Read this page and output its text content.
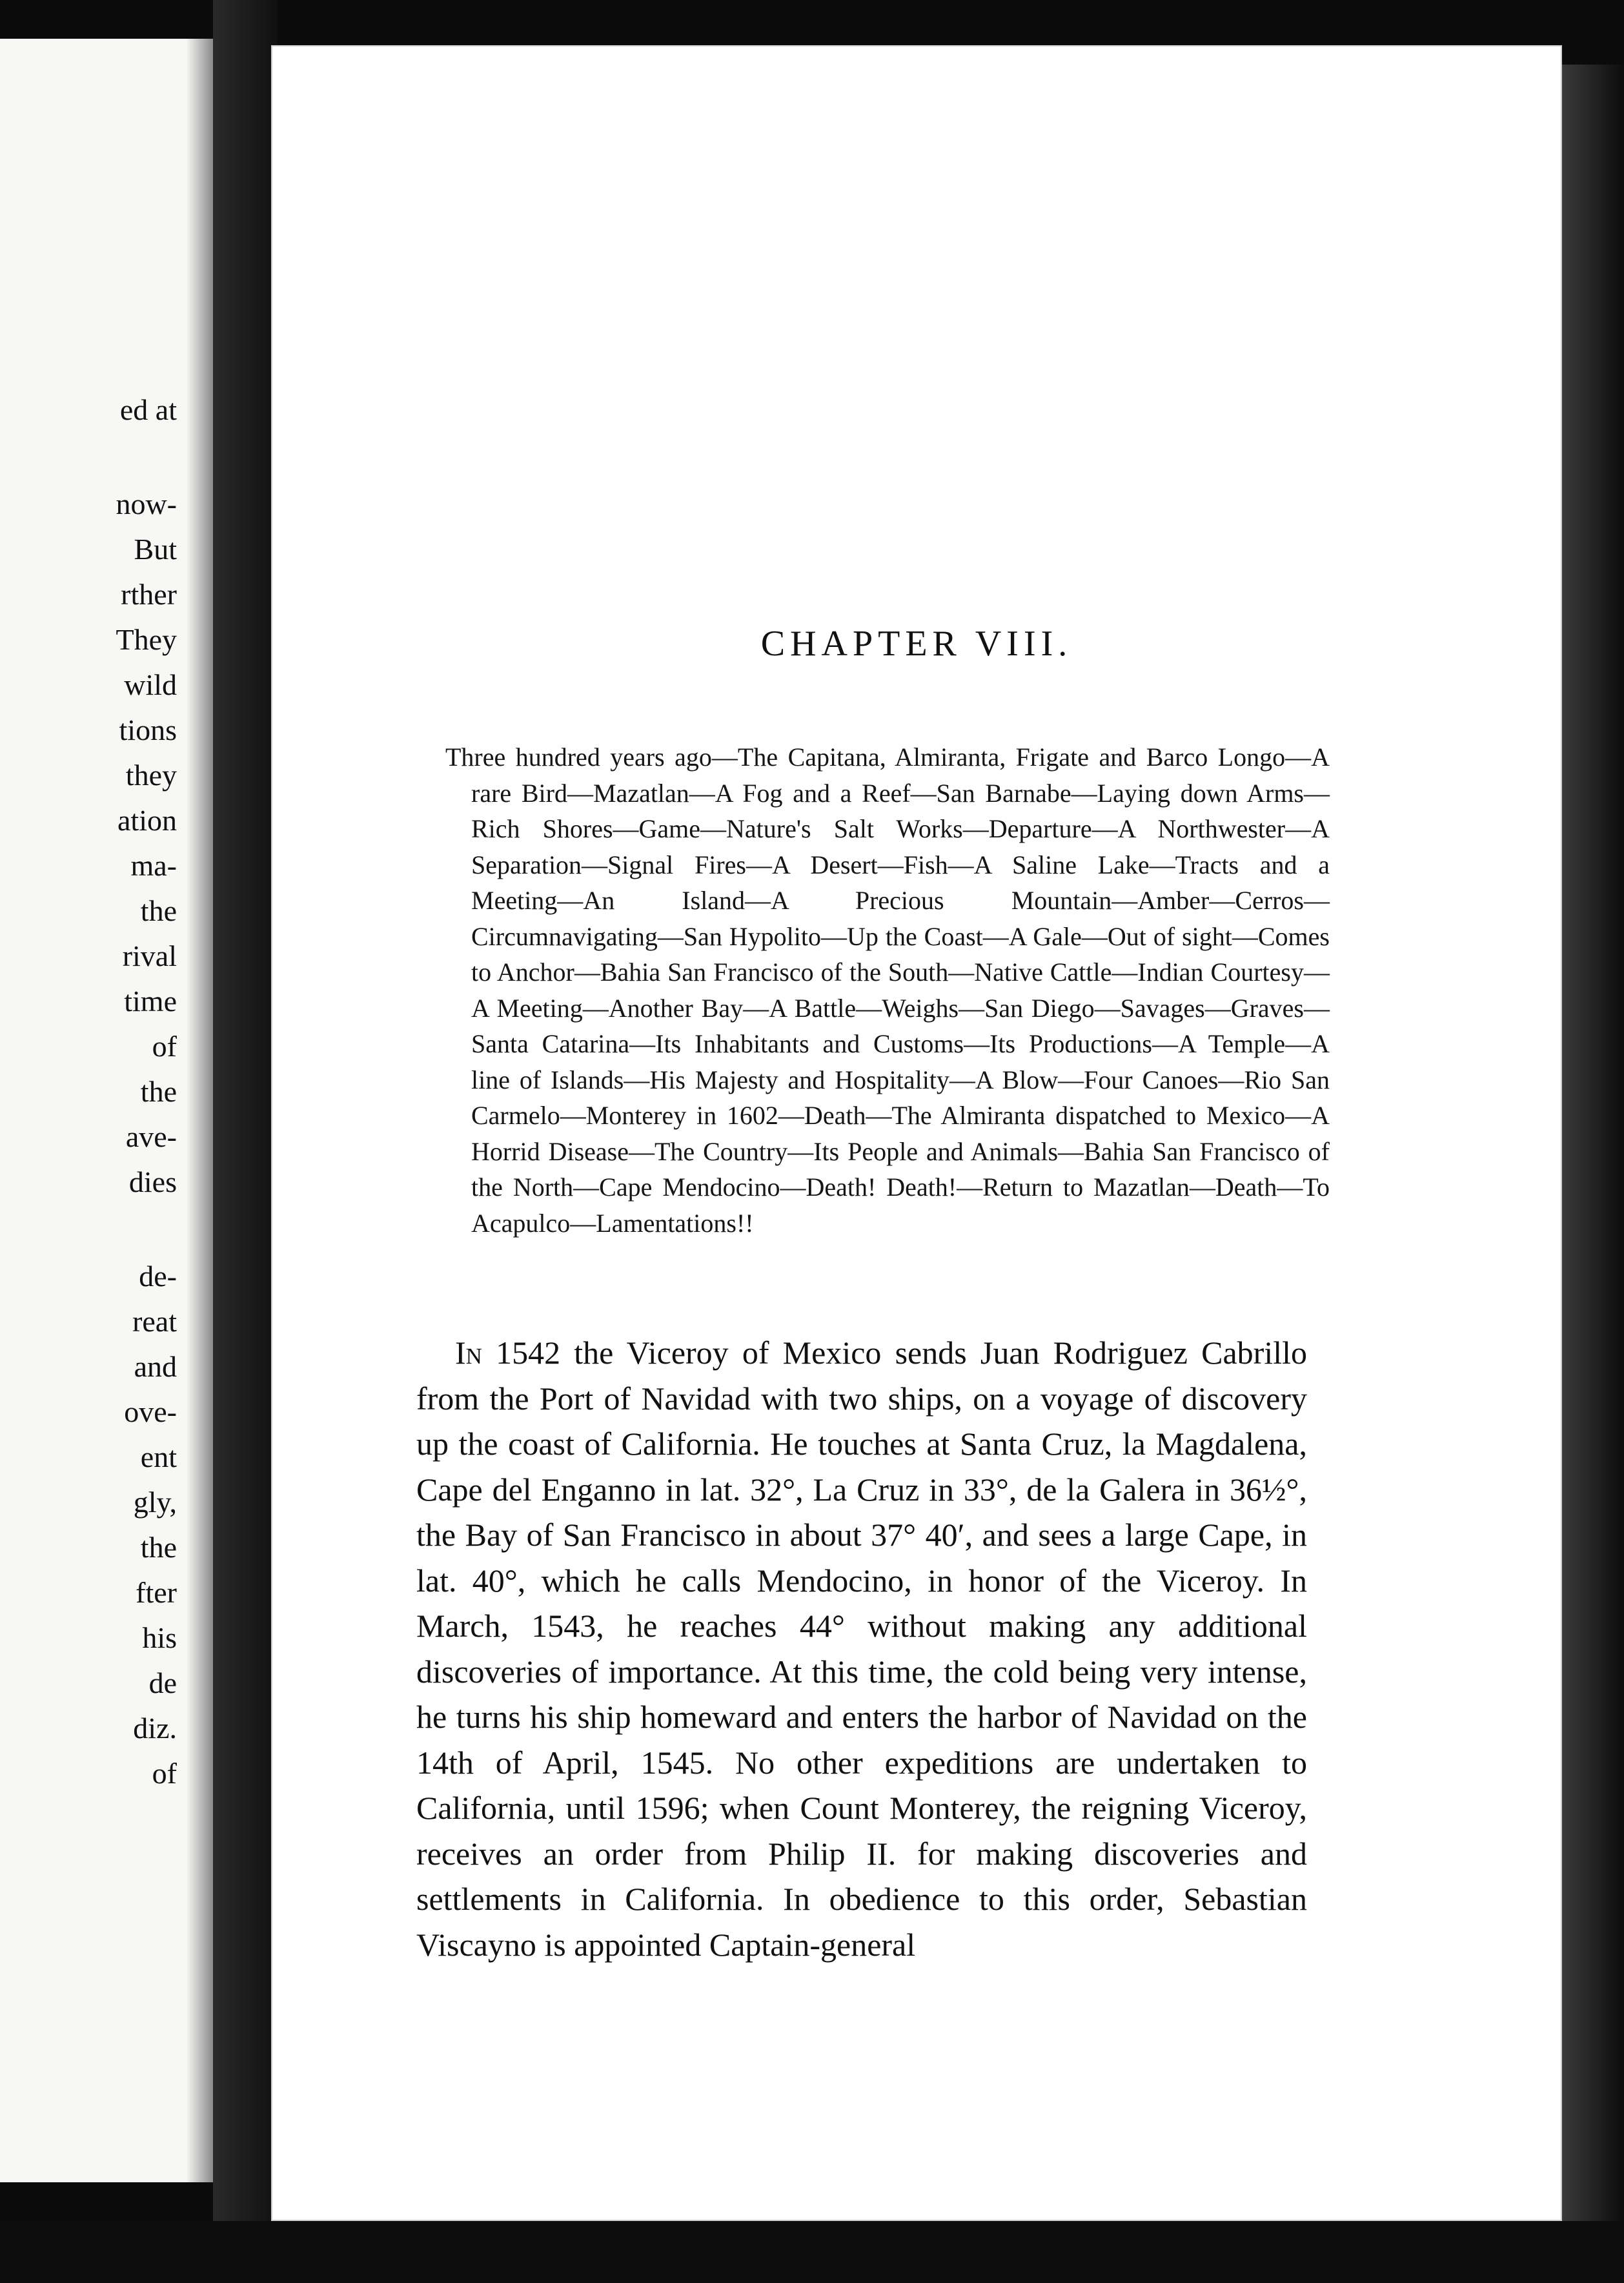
ed at
now-
But
rther
They
wild
tions
they
ation
ma-
the
rival
time
of
the
ave-
dies
de-
reat
and
ove-
ent
gly,
the
fter
his
de
diz.
of
CHAPTER VIII.

Three hundred years ago—The Capitana, Almiranta, Frigate and Barco Longo—A rare Bird—Mazatlan—A Fog and a Reef—San Barnabe—Laying down Arms—Rich Shores—Game—Nature's Salt Works—Departure—A Northwester—A Separation—Signal Fires—A Desert—Fish—A Saline Lake—Tracts and a Meeting—An Island—A Precious Mountain—Amber—Cerros—Circumnavigating—San Hypolito—Up the Coast—A Gale—Out of sight—Comes to Anchor—Bahia San Francisco of the South—Native Cattle—Indian Courtesy—A Meeting—Another Bay—A Battle—Weighs—San Diego—Savages—Graves—Santa Catarina—Its Inhabitants and Customs—Its Productions—A Temple—A line of Islands—His Majesty and Hospitality—A Blow—Four Canoes—Rio San Carmelo—Monterey in 1602—Death—The Almiranta dispatched to Mexico—A Horrid Disease—The Country—Its People and Animals—Bahia San Francisco of the North—Cape Mendocino—Death! Death!—Return to Mazatlan—Death—To Acapulco—Lamentations!!

In 1542 the Viceroy of Mexico sends Juan Rodriguez Cabrillo from the Port of Navidad with two ships, on a voyage of discovery up the coast of California. He touches at Santa Cruz, la Magdalena, Cape del Enganno in lat. 32°, La Cruz in 33°, de la Galera in 36½°, the Bay of San Francisco in about 37° 40′, and sees a large Cape, in lat. 40°, which he calls Mendocino, in honor of the Viceroy. In March, 1543, he reaches 44° without making any additional discoveries of importance. At this time, the cold being very intense, he turns his ship homeward and enters the harbor of Navidad on the 14th of April, 1545. No other expeditions are undertaken to California, until 1596; when Count Monterey, the reigning Viceroy, receives an order from Philip II. for making discoveries and settlements in California. In obedience to this order, Sebastian Viscayno is appointed Captain-general
